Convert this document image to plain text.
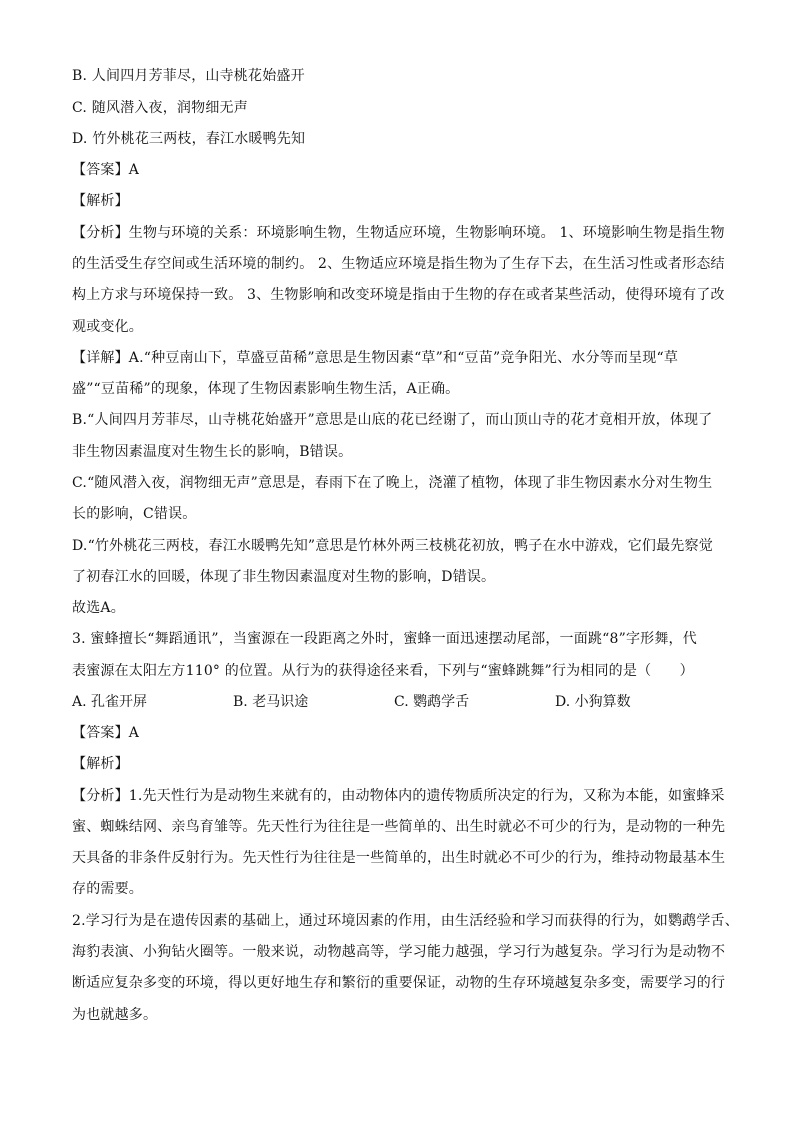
B. 人间四月芳菲尽，山寺桃花始盛开
C. 随风潜入夜，润物细无声
D. 竹外桃花三两枝，春江水暖鸭先知
【答案】A
【解析】
【分析】生物与环境的关系：环境影响生物，生物适应环境，生物影响环境。 1、环境影响生物是指生物
的生活受生存空间或生活环境的制约。 2、生物适应环境是指生物为了生存下去，在生活习性或者形态结
构上方求与环境保持一致。 3、生物影响和改变环境是指由于生物的存在或者某些活动，使得环境有了改
观或变化。
【详解】A.“种豆南山下，草盛豆苗稀”意思是生物因素“草”和“豆苗”竞争阳光、水分等而呈现“草
盛”“豆苗稀”的现象，体现了生物因素影响生物生活，A正确。
B.“人间四月芳菲尽，山寺桃花始盛开”意思是山底的花已经谢了，而山顶山寺的花才竟相开放，体现了
非生物因素温度对生物生长的影响，B错误。
C.“随风潜入夜，润物细无声”意思是，春雨下在了晚上，浇灌了植物，体现了非生物因素水分对生物生
长的影响，C错误。
D.“竹外桃花三两枝，春江水暖鸭先知”意思是竹林外两三枝桃花初放，鸭子在水中游戏，它们最先察觉
了初春江水的回暖，体现了非生物因素温度对生物的影响，D错误。
故选A。
3. 蜜蜂擅长“舞蹈通讯”，当蜜源在一段距离之外时，蜜蜂一面迅速摆动尾部，一面跳“8”字形舞，代
表蜜源在太阳左方110° 的位置。从行为的获得途径来看，下列与“蜜蜂跳舞”行为相同的是（　　）
A. 孔雀开屏	B. 老马识途	C. 鹦鹉学舌	D. 小狗算数
【答案】A
【解析】
【分析】1.先天性行为是动物生来就有的，由动物体内的遗传物质所决定的行为，又称为本能，如蜜蜂采
蜜、蜘蛛结网、亲鸟育雏等。先天性行为往往是一些简单的、出生时就必不可少的行为，是动物的一种先
天具备的非条件反射行为。先天性行为往往是一些简单的，出生时就必不可少的行为，维持动物最基本生
存的需要。
2.学习行为是在遗传因素的基础上，通过环境因素的作用，由生活经验和学习而获得的行为，如鹦鹉学舌、
海豹表演、小狗钻火圈等。一般来说，动物越高等，学习能力越强，学习行为越复杂。学习行为是动物不
断适应复杂多变的环境，得以更好地生存和繁衍的重要保证，动物的生存环境越复杂多变，需要学习的行
为也就越多。
